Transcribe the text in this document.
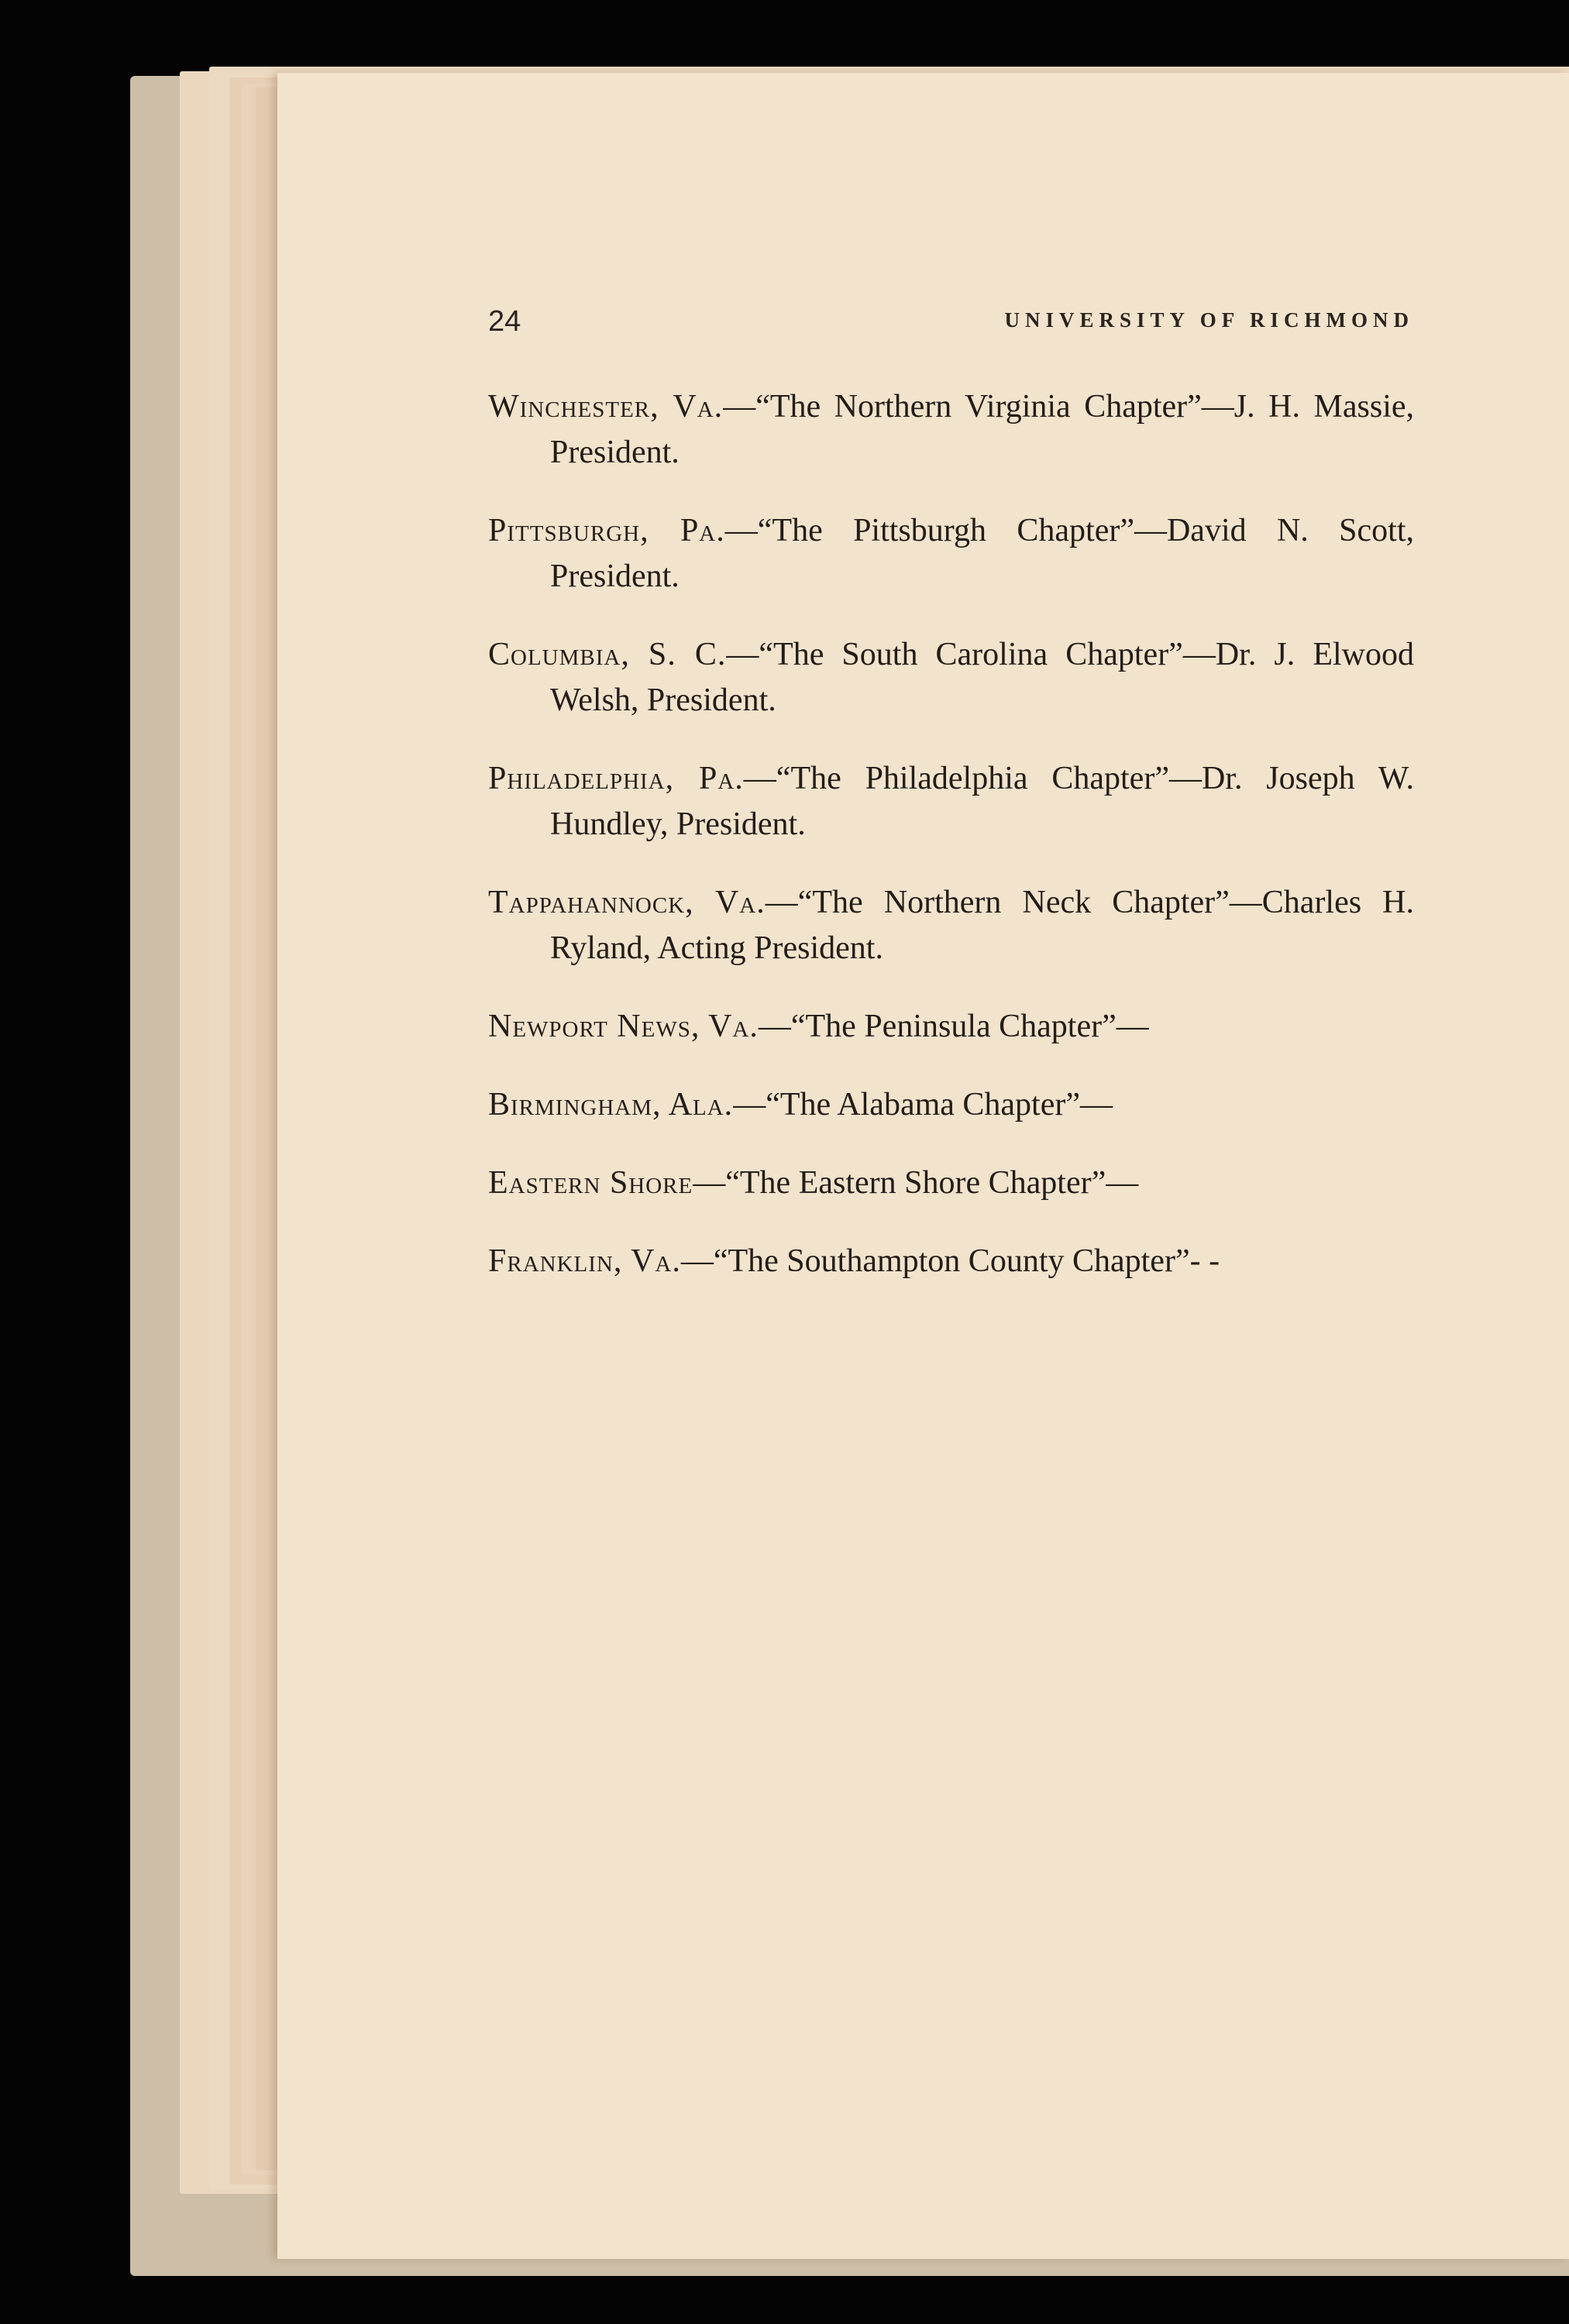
24	UNIVERSITY OF RICHMOND

Winchester, Va.—“The Northern Virginia Chapter”—J. H. Massie, President.

Pittsburgh, Pa.—“The Pittsburgh Chapter”—David N. Scott, President.

Columbia, S. C.—“The South Carolina Chapter”—Dr. J. Elwood Welsh, President.

Philadelphia, Pa.—“The Philadelphia Chapter”—Dr. Joseph W. Hundley, President.

Tappahannock, Va.—“The Northern Neck Chapter”—Charles H. Ryland, Acting President.

Newport News, Va.—“The Peninsula Chapter”—

Birmingham, Ala.—“The Alabama Chapter”—

Eastern Shore—“The Eastern Shore Chapter”—

Franklin, Va.—“The Southampton County Chapter”- -
